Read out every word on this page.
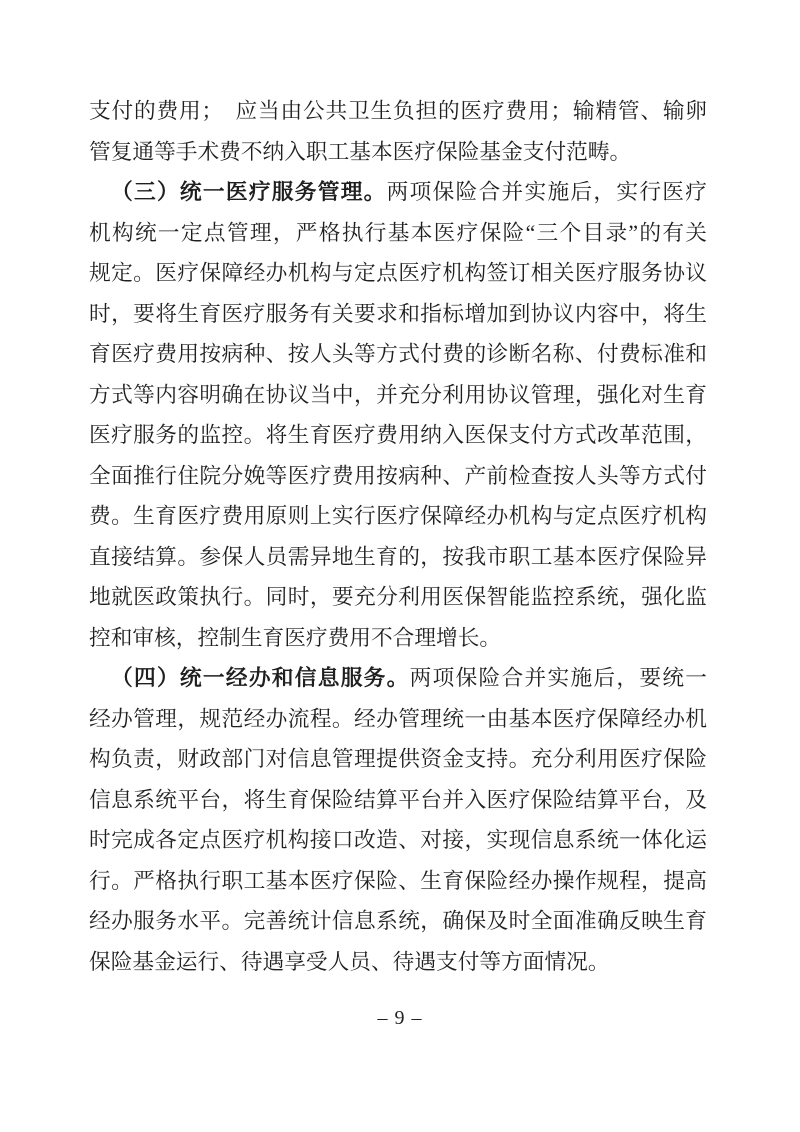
支付的费用；　应当由公共卫生负担的医疗费用；输精管、输卵
管复通等手术费不纳入职工基本医疗保险基金支付范畴。
（三）统一医疗服务管理。两项保险合并实施后，实行医疗
机构统一定点管理，严格执行基本医疗保险“三个目录”的有关
规定。医疗保障经办机构与定点医疗机构签订相关医疗服务协议
时，要将生育医疗服务有关要求和指标增加到协议内容中，将生
育医疗费用按病种、按人头等方式付费的诊断名称、付费标准和
方式等内容明确在协议当中，并充分利用协议管理，强化对生育
医疗服务的监控。将生育医疗费用纳入医保支付方式改革范围，
全面推行住院分娩等医疗费用按病种、产前检查按人头等方式付
费。生育医疗费用原则上实行医疗保障经办机构与定点医疗机构
直接结算。参保人员需异地生育的，按我市职工基本医疗保险异
地就医政策执行。同时，要充分利用医保智能监控系统，强化监
控和审核，控制生育医疗费用不合理增长。
（四）统一经办和信息服务。两项保险合并实施后，要统一
经办管理，规范经办流程。经办管理统一由基本医疗保障经办机
构负责，财政部门对信息管理提供资金支持。充分利用医疗保险
信息系统平台，将生育保险结算平台并入医疗保险结算平台，及
时完成各定点医疗机构接口改造、对接，实现信息系统一体化运
行。严格执行职工基本医疗保险、生育保险经办操作规程，提高
经办服务水平。完善统计信息系统，确保及时全面准确反映生育
保险基金运行、待遇享受人员、待遇支付等方面情况。
– 9 –
